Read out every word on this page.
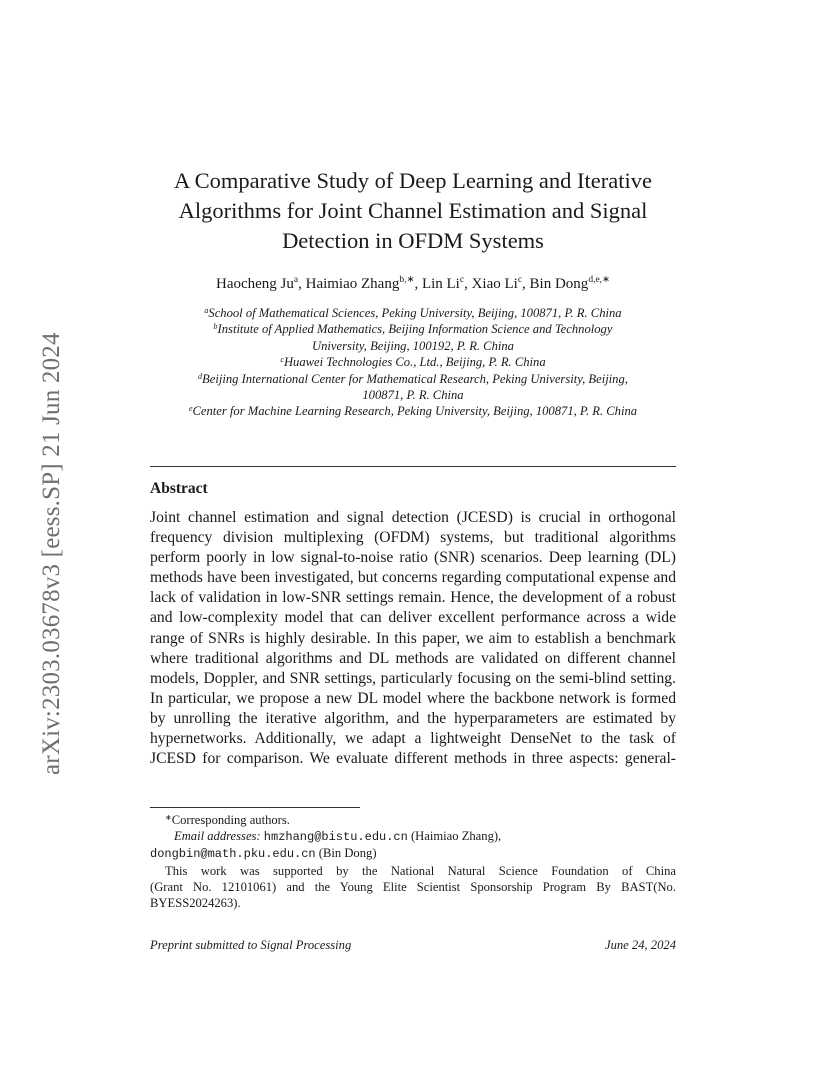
arXiv:2303.03678v3 [eess.SP] 21 Jun 2024
A Comparative Study of Deep Learning and Iterative
Algorithms for Joint Channel Estimation and Signal
Detection in OFDM Systems
Haocheng Ju$^a$, Haimiao Zhang$^{b,∗}$, Lin Li$^c$, Xiao Li$^c$, Bin Dong$^{d,e,∗}$
$^a$School of Mathematical Sciences, Peking University, Beijing, 100871, P. R. China
$^b$Institute of Applied Mathematics, Beijing Information Science and Technology
University, Beijing, 100192, P. R. China
$^c$Huawei Technologies Co., Ltd., Beijing, P. R. China
$^d$Beijing International Center for Mathematical Research, Peking University, Beijing,
100871, P. R. China
$^e$Center for Machine Learning Research, Peking University, Beijing, 100871, P. R. China
Abstract

Joint channel estimation and signal detection (JCESD) is crucial in orthogonal frequency division multiplexing (OFDM) systems, but traditional algorithms perform poorly in low signal-to-noise ratio (SNR) scenarios. Deep learning (DL) methods have been investigated, but concerns regarding computational expense and lack of validation in low-SNR settings remain. Hence, the development of a robust and low-complexity model that can deliver excellent performance across a wide range of SNRs is highly desirable. In this paper, we aim to establish a benchmark where traditional algorithms and DL methods are validated on different channel models, Doppler, and SNR settings, particularly focusing on the semi-blind setting. In particular, we propose a new DL model where the backbone network is formed by unrolling the iterative algorithm, and the hyperparameters are estimated by hypernetworks. Additionally, we adapt a lightweight DenseNet to the task of JCESD for comparison. We evaluate different methods in three aspects: general-

∗Corresponding authors.
Email addresses: hmzhang@bistu.edu.cn (Haimiao Zhang),
dongbin@math.pku.edu.cn (Bin Dong)
This work was supported by the National Natural Science Foundation of China
(Grant No. 12101061) and the Young Elite Scientist Sponsorship Program By BAST(No.
BYESS2024263).
Preprint submitted to Signal Processing	June 24, 2024
